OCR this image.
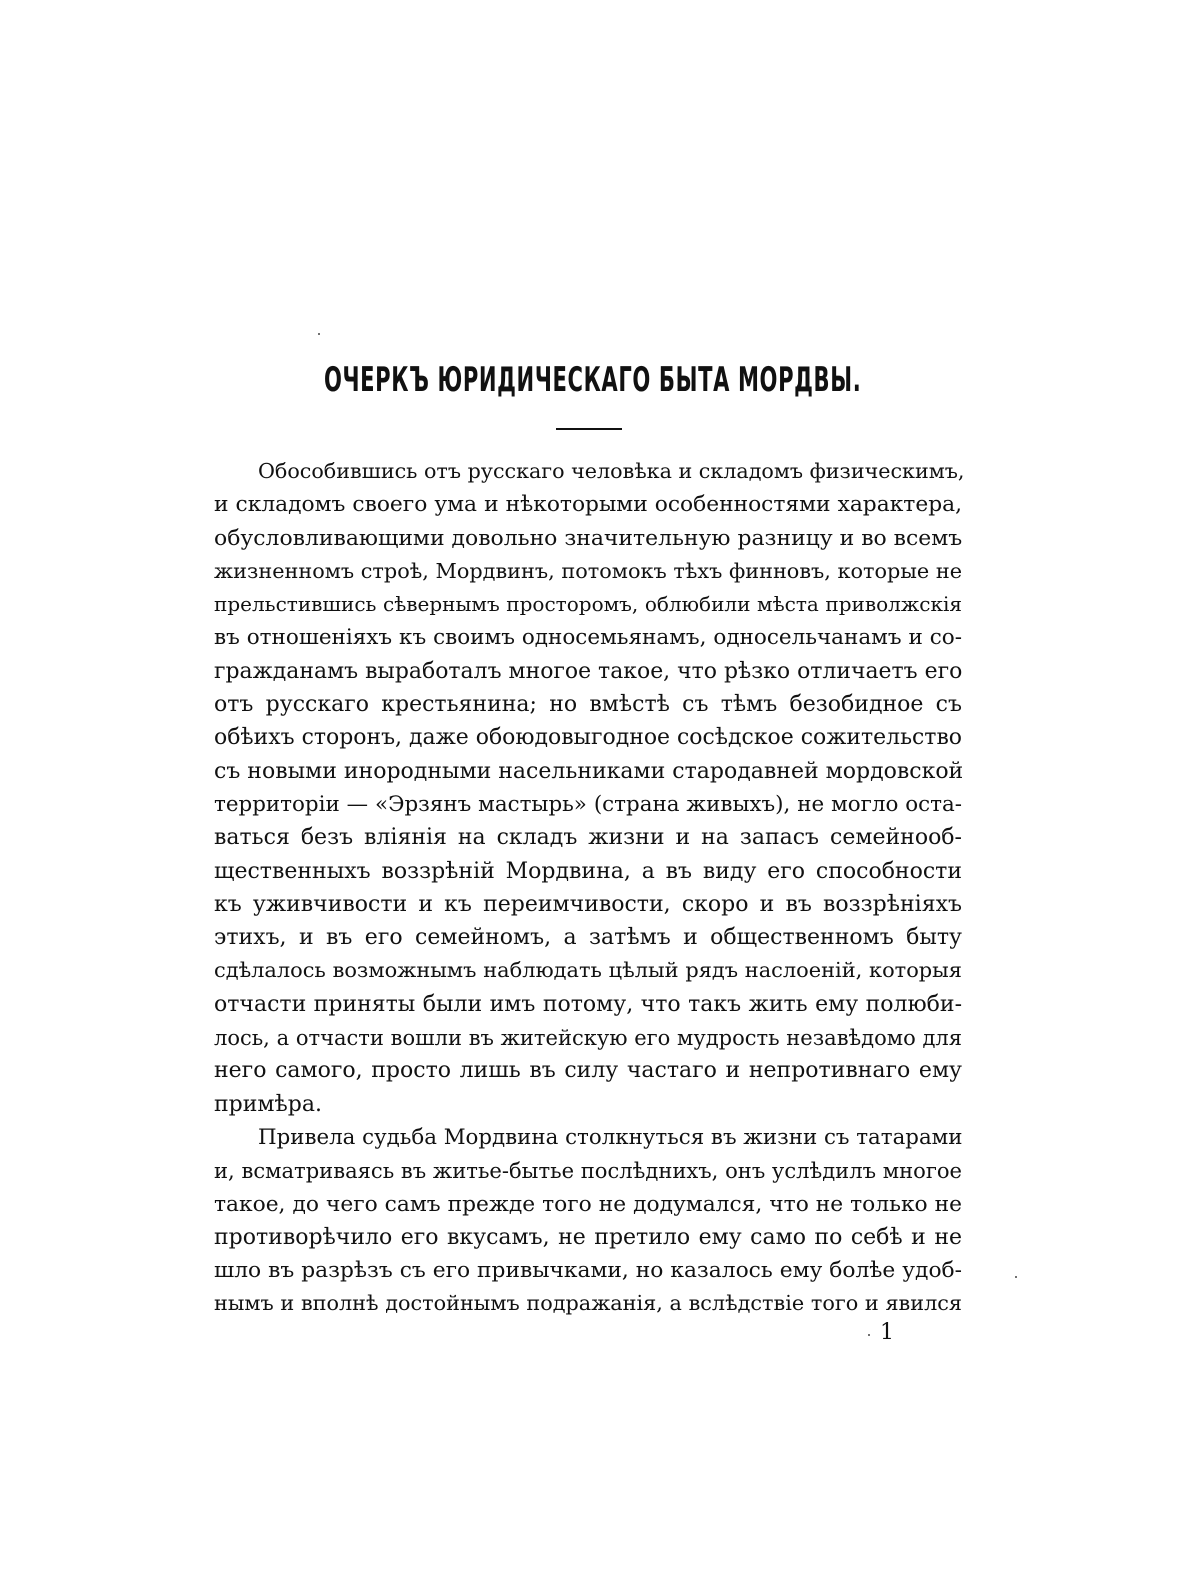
ОЧЕРКЪ ЮРИДИЧЕСКАГО БЫТА МОРДВЫ.
Обособившись отъ русскаго человѣка и складомъ физическимъ,
и складомъ своего ума и нѣкоторыми особенностями характера,
обусловливающими довольно значительную разницу и во всемъ
жизненномъ строѣ, Мордвинъ, потомокъ тѣхъ финновъ, которые не
прельстившись сѣвернымъ просторомъ, облюбили мѣста приволжскія
въ отношеніяхъ къ своимъ односемьянамъ, односельчанамъ и со-
гражданамъ выработалъ многое такое, что рѣзко отличаетъ его
отъ русскаго крестьянина; но вмѣстѣ съ тѣмъ безобидное съ
обѣихъ сторонъ, даже обоюдовыгодное сосѣдское сожительство
съ новыми инородными насельниками стародавней мордовской
территоріи — «Эрзянъ мастырь» (страна живыхъ), не могло оста-
ваться безъ вліянія на складъ жизни и на запасъ семейнооб-
щественныхъ воззрѣній Мордвина, а въ виду его способности
къ уживчивости и къ переимчивости, скоро и въ воззрѣніяхъ
этихъ, и въ его семейномъ, а затѣмъ и общественномъ быту
сдѣлалось возможнымъ наблюдать цѣлый рядъ наслоеній, которыя
отчасти приняты были имъ потому, что такъ жить ему полюби-
лось, а отчасти вошли въ житейскую его мудрость незавѣдомо для
него самого, просто лишь въ силу частаго и непротивнаго ему
примѣра.
Привела судьба Мордвина столкнуться въ жизни съ татарами
и, всматриваясь въ житье-бытье послѣднихъ, онъ услѣдилъ многое
такое, до чего самъ прежде того не додумался, что не только не
противорѣчило его вкусамъ, не претило ему само по себѣ и не
шло въ разрѣзъ съ его привычками, но казалось ему болѣе удоб-
нымъ и вполнѣ достойнымъ подражанія, а вслѣдствіе того и явился
1
